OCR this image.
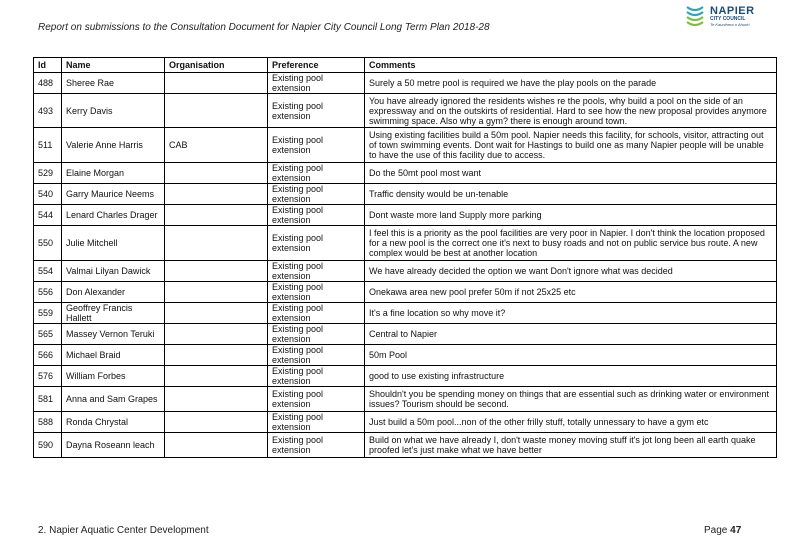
Report on submissions to the Consultation Document for Napier City Council Long Term Plan 2018-28
NAPIER
CITY COUNCIL
Te Kaunihera o Ahuriri
Id	Name	Organisation	Preference	Comments
488	Sheree Rae		Existing pool extension	Surely a 50 metre pool is required we have the play pools on the parade
493	Kerry Davis		Existing pool extension	You have already ignored the residents wishes re the pools, why build a pool on the side of an expressway and on the outskirts of residential. Hard to see how the new proposal provides anymore swimming space. Also why a gym? there is enough around town.
511	Valerie Anne Harris	CAB	Existing pool extension	Using existing facilities build a 50m pool. Napier needs this facility, for schools, visitor, attracting out of town swimming events. Dont wait for Hastings to build one as many Napier people will be unable to have the use of this facility due to access.
529	Elaine Morgan		Existing pool extension	Do the 50mt pool most want
540	Garry Maurice Neems		Existing pool extension	Traffic density would be un-tenable
544	Lenard Charles Drager		Existing pool extension	Dont waste more land Supply more parking
550	Julie Mitchell		Existing pool extension	I feel this is a priority as the pool facilities are very poor in Napier. I don't think the location proposed for a new pool is the correct one it's next to busy roads and not on public service bus route. A new complex would be best at another location
554	Valmai Lilyan Dawick		Existing pool extension	We have already decided the option we want Don't ignore what was decided
556	Don Alexander		Existing pool extension	Onekawa area new pool prefer 50m if not 25x25 etc
559	Geoffrey Francis Hallett		Existing pool extension	It's a fine location so why move it?
565	Massey Vernon Teruki		Existing pool extension	Central to Napier
566	Michael Braid		Existing pool extension	50m Pool
576	William Forbes		Existing pool extension	good to use existing infrastructure
581	Anna and Sam Grapes		Existing pool extension	Shouldn't you be spending money on things that are essential such as drinking water or environment issues? Tourism should be second.
588	Ronda Chrystal		Existing pool extension	Just build a 50m pool...non of the other frilly stuff, totally unnessary to have a gym etc
590	Dayna Roseann leach		Existing pool extension	Build on what we have already I, don't waste money moving stuff it's jot long been all earth quake proofed let's just make what we have better
2. Napier Aquatic Center Development	Page 47
